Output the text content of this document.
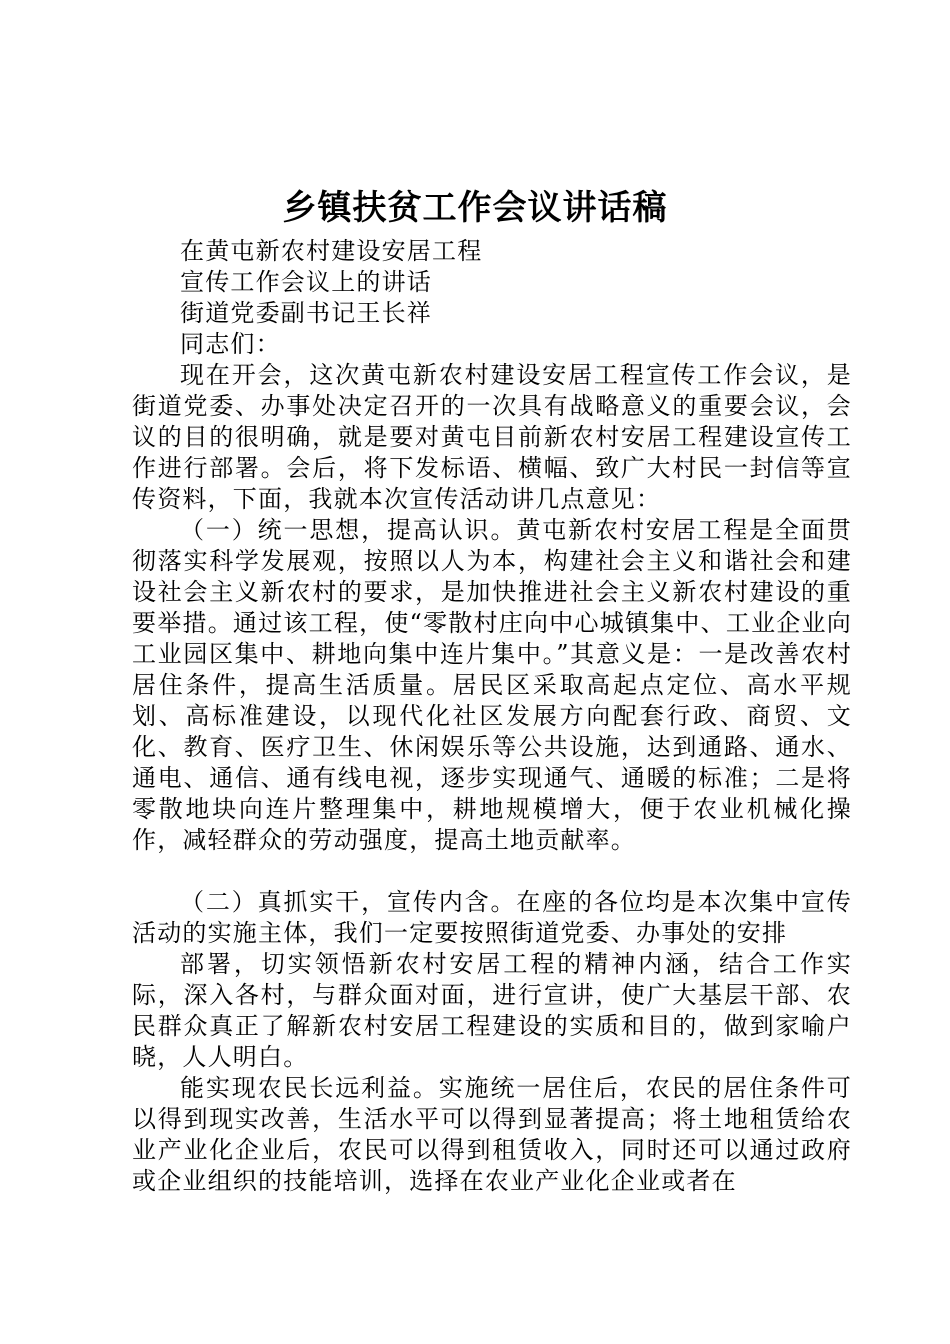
乡镇扶贫工作会议讲话稿

在黄屯新农村建设安居工程

宣传工作会议上的讲话

街道党委副书记王长祥

同志们：

现在开会，这次黄屯新农村建设安居工程宣传工作会议，是街道党委、办事处决定召开的一次具有战略意义的重要会议，会议的目的很明确，就是要对黄屯目前新农村安居工程建设宣传工作进行部署。会后，将下发标语、横幅、致广大村民一封信等宣传资料，下面，我就本次宣传活动讲几点意见：

（一）统一思想，提高认识。黄屯新农村安居工程是全面贯彻落实科学发展观，按照以人为本，构建社会主义和谐社会和建设社会主义新农村的要求，是加快推进社会主义新农村建设的重要举措。通过该工程，使“零散村庄向中心城镇集中、工业企业向工业园区集中、耕地向集中连片集中。”其意义是：一是改善农村居住条件，提高生活质量。居民区采取高起点定位、高水平规划、高标准建设，以现代化社区发展方向配套行政、商贸、文化、教育、医疗卫生、休闲娱乐等公共设施，达到通路、通水、通电、通信、通有线电视，逐步实现通气、通暖的标准；二是将零散地块向连片整理集中，耕地规模增大，便于农业机械化操作，减轻群众的劳动强度，提高土地贡献率。

（二）真抓实干，宣传内含。在座的各位均是本次集中宣传活动的实施主体，我们一定要按照街道党委、办事处的安排

部署，切实领悟新农村安居工程的精神内涵，结合工作实际，深入各村，与群众面对面，进行宣讲，使广大基层干部、农民群众真正了解新农村安居工程建设的实质和目的，做到家喻户晓，人人明白。

能实现农民长远利益。实施统一居住后，农民的居住条件可以得到现实改善，生活水平可以得到显著提高；将土地租赁给农业产业化企业后，农民可以得到租赁收入，同时还可以通过政府或企业组织的技能培训，选择在农业产业化企业或者在
